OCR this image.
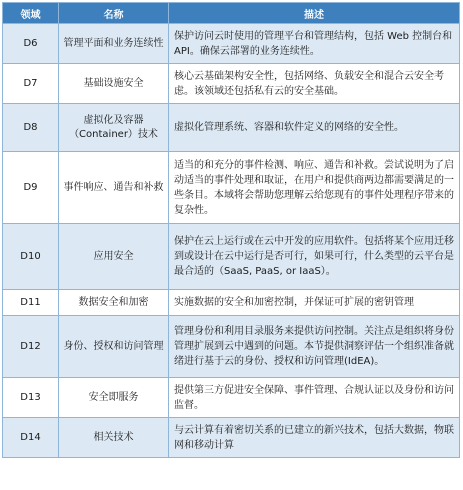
领域	名称	描述
D6	管理平面和业务连续性	保护访问云时使用的管理平台和管理结构，包括 Web 控制台和 API。确保云部署的业务连续性。
D7	基础设施安全	核心云基础架构安全性，包括网络、负载安全和混合云安全考虑。该领域还包括私有云的安全基础。
D8	虚拟化及容器（Container）技术	虚拟化管理系统、容器和软件定义的网络的安全性。
D9	事件响应、通告和补救	适当的和充分的事件检测、响应、通告和补救。尝试说明为了启动适当的事件处理和取证，在用户和提供商两边都需要满足的一些条目。本域将会帮助您理解云给您现有的事件处理程序带来的复杂性。
D10	应用安全	保护在云上运行或在云中开发的应用软件。包括将某个应用迁移到或设计在云中运行是否可行，如果可行，什么类型的云平台是最合适的（SaaS, PaaS, or IaaS）。
D11	数据安全和加密	实施数据的安全和加密控制，并保证可扩展的密钥管理
D12	身份、授权和访问管理	管理身份和利用目录服务来提供访问控制。关注点是组织将身份管理扩展到云中遇到的问题。本节提供洞察评估一个组织准备就绪进行基于云的身份、授权和访问管理(IdEA)。
D13	安全即服务	提供第三方促进安全保障、事件管理、合规认证以及身份和访问监督。
D14	相关技术	与云计算有着密切关系的已建立的新兴技术，包括大数据，物联网和移动计算
